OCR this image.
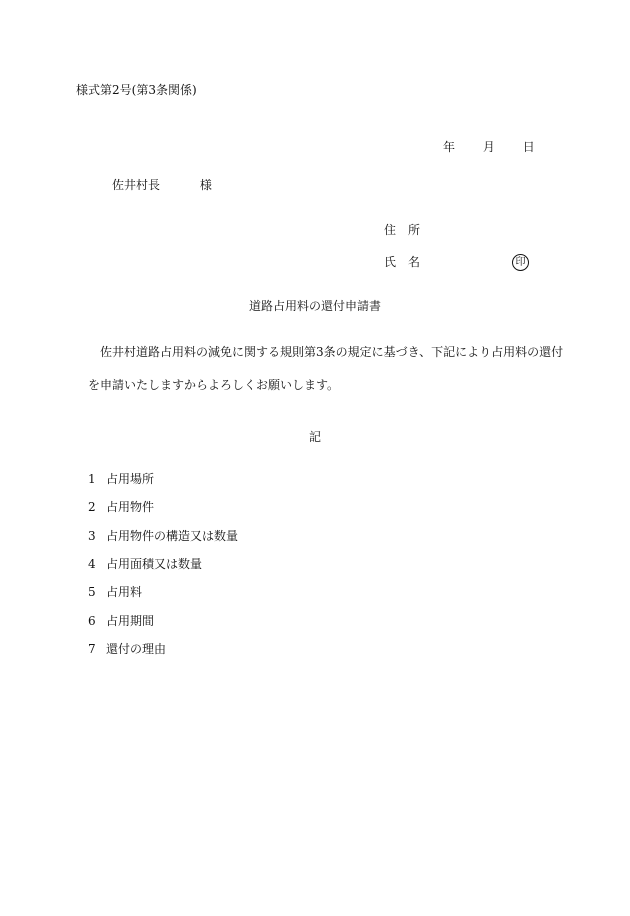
様式第2号(第3条関係)
年 月 日
佐井村長	様
住 所
氏 名	印
道路占用料の還付申請書
佐井村道路占用料の減免に関する規則第3条の規定に基づき、下記により占用料の還付
を申請いたしますからよろしくお願いします。
記
1 占用場所
2 占用物件
3 占用物件の構造又は数量
4 占用面積又は数量
5 占用料
6 占用期間
7 還付の理由
